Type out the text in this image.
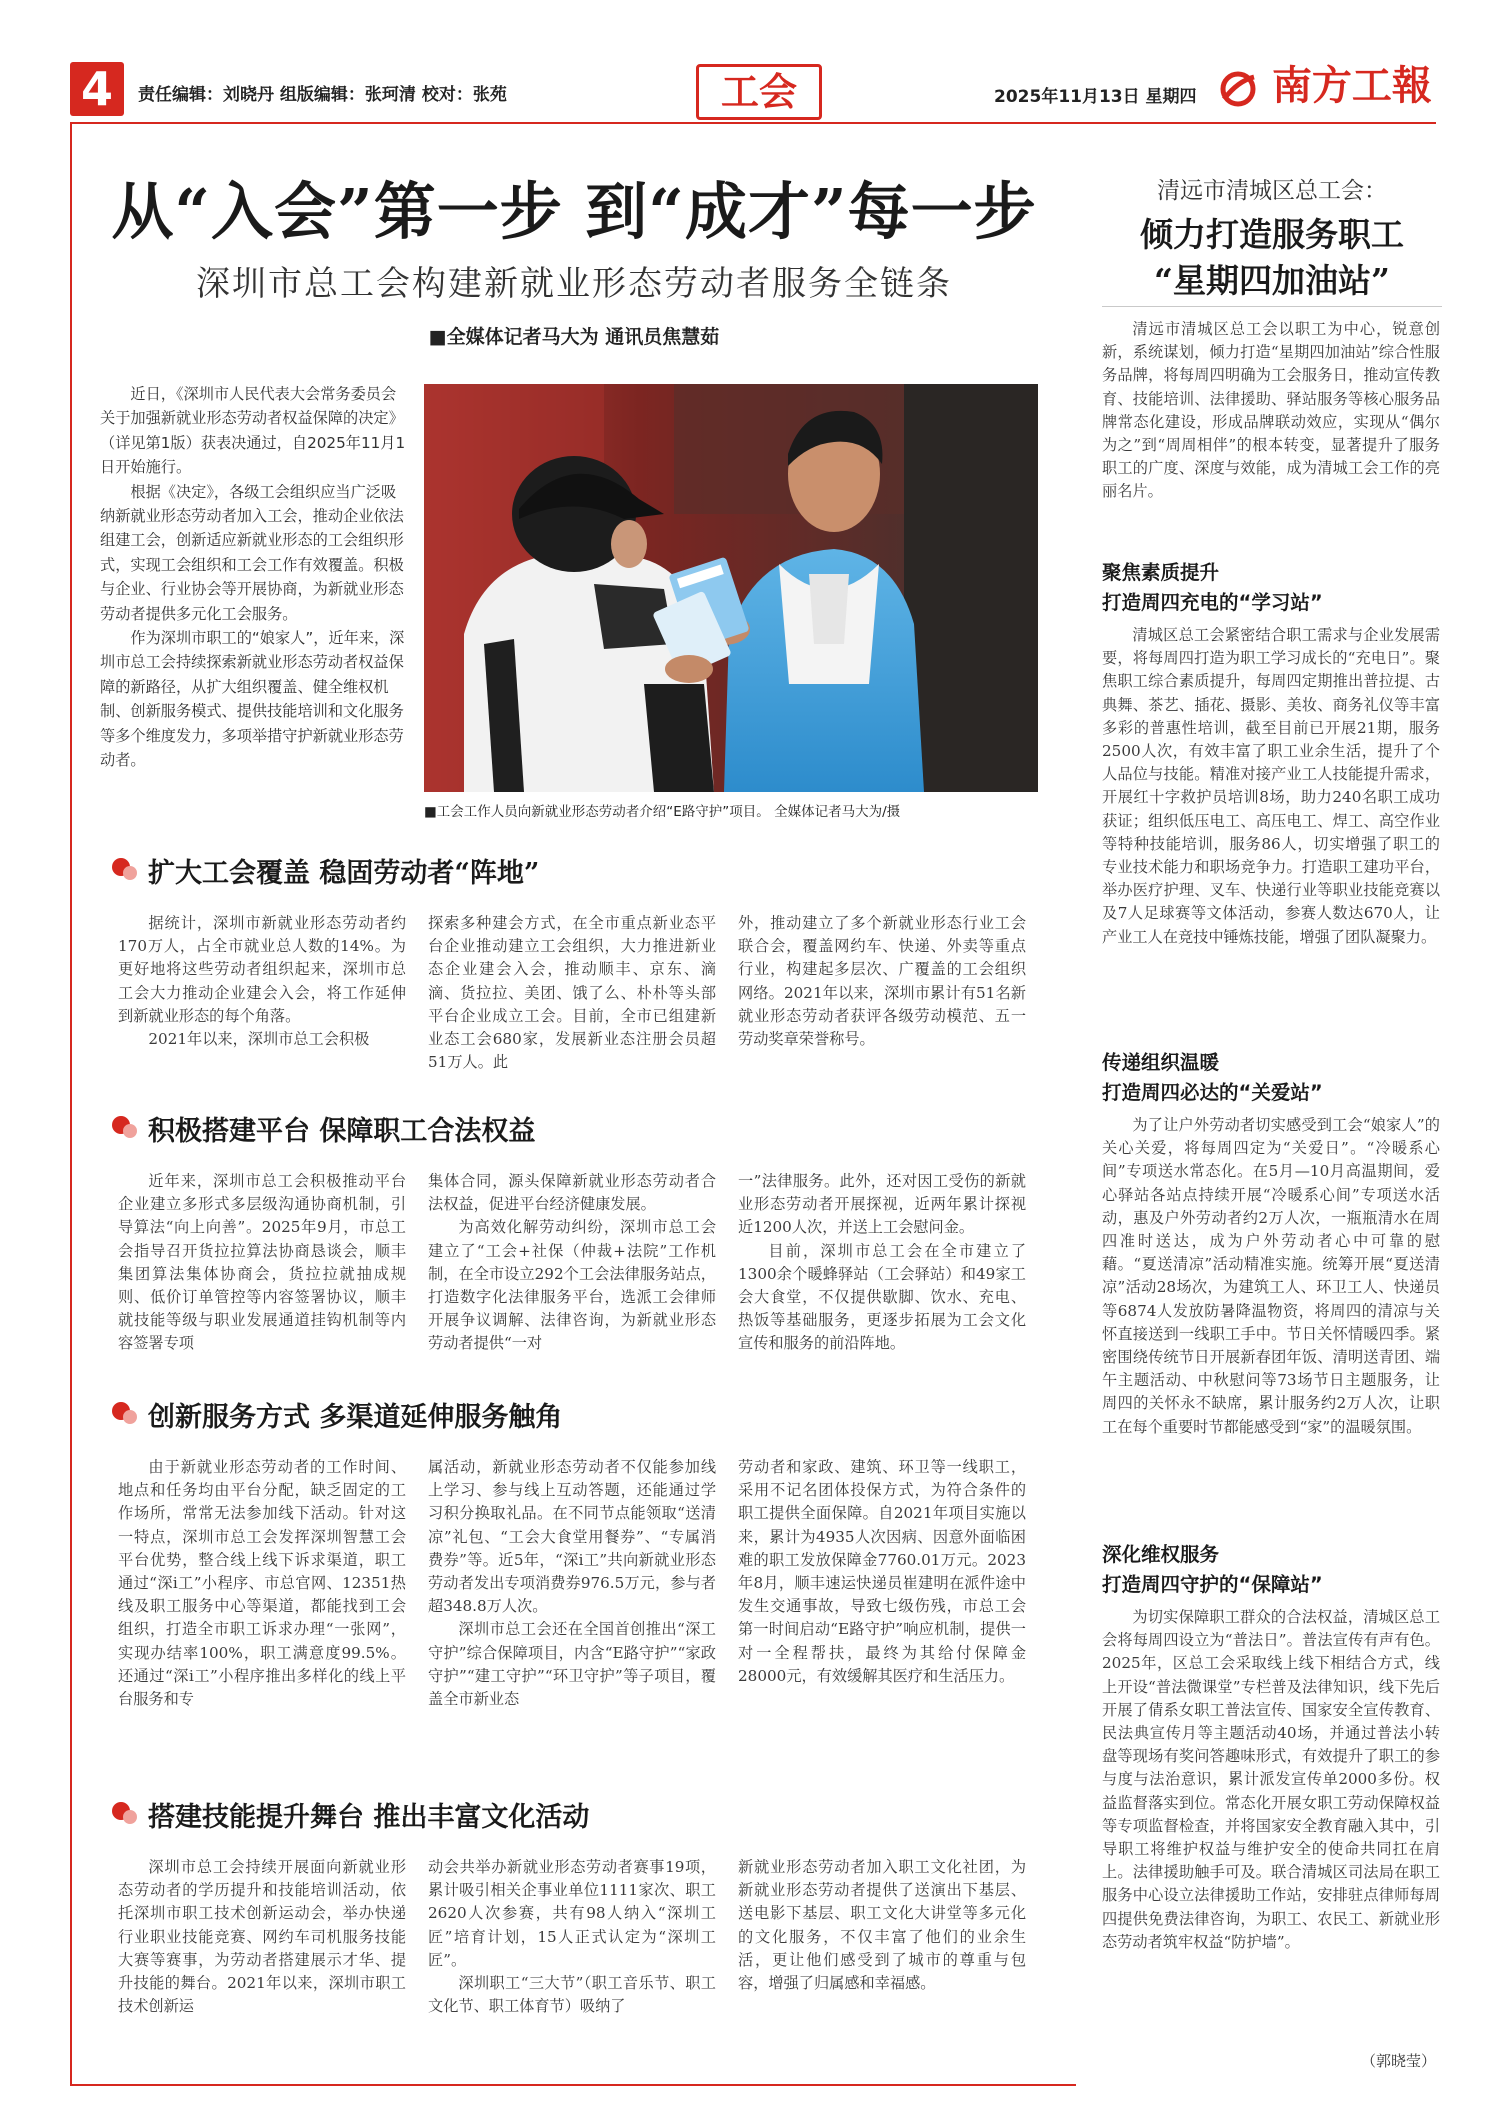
4	责任编辑：刘晓丹 组版编辑：张珂清 校对：张苑	工会	2025年11月13日 星期四	南方工報
从“入会”第一步 到“成才”每一步
深圳市总工会构建新就业形态劳动者服务全链条
■全媒体记者马大为 通讯员焦慧茹

近日，《深圳市人民代表大会常务委员会关于加强新就业形态劳动者权益保障的决定》（详见第1版）获表决通过，自2025年11月1日开始施行。

根据《决定》，各级工会组织应当广泛吸纳新就业形态劳动者加入工会，推动企业依法组建工会，创新适应新就业形态的工会组织形式，实现工会组织和工会工作有效覆盖。积极与企业、行业协会等开展协商，为新就业形态劳动者提供多元化工会服务。

作为深圳市职工的“娘家人”，近年来，深圳市总工会持续探索新就业形态劳动者权益保障的新路径，从扩大组织覆盖、健全维权机制、创新服务模式、提供技能培训和文化服务等多个维度发力，多项举措守护新就业形态劳动者。

■工会工作人员向新就业形态劳动者介绍“E路守护”项目。 全媒体记者马大为/摄
扩大工会覆盖 稳固劳动者“阵地”

据统计，深圳市新就业形态劳动者约170万人，占全市就业总人数的14%。为更好地将这些劳动者组织起来，深圳市总工会大力推动企业建会入会，将工作延伸到新就业形态的每个角落。

2021年以来，深圳市总工会积极

探索多种建会方式，在全市重点新业态平台企业推动建立工会组织，大力推进新业态企业建会入会，推动顺丰、京东、滴滴、货拉拉、美团、饿了么、朴朴等头部平台企业成立工会。目前，全市已组建新业态工会680家，发展新业态注册会员超51万人。此

外，推动建立了多个新就业形态行业工会联合会，覆盖网约车、快递、外卖等重点行业，构建起多层次、广覆盖的工会组织网络。2021年以来，深圳市累计有51名新就业形态劳动者获评各级劳动模范、五一劳动奖章荣誉称号。

积极搭建平台 保障职工合法权益

近年来，深圳市总工会积极推动平台企业建立多形式多层级沟通协商机制，引导算法“向上向善”。2025年9月，市总工会指导召开货拉拉算法协商恳谈会，顺丰集团算法集体协商会，货拉拉就抽成规则、低价订单管控等内容签署协议，顺丰就技能等级与职业发展通道挂钩机制等内容签署专项

集体合同，源头保障新就业形态劳动者合法权益，促进平台经济健康发展。

为高效化解劳动纠纷，深圳市总工会建立了“工会+社保（仲裁+法院”工作机制，在全市设立292个工会法律服务站点，打造数字化法律服务平台，选派工会律师开展争议调解、法律咨询，为新就业形态劳动者提供“一对

一”法律服务。此外，还对因工受伤的新就业形态劳动者开展探视，近两年累计探视近1200人次，并送上工会慰问金。

目前，深圳市总工会在全市建立了1300余个暖蜂驿站（工会驿站）和49家工会大食堂，不仅提供歇脚、饮水、充电、热饭等基础服务，更逐步拓展为工会文化宣传和服务的前沿阵地。

创新服务方式 多渠道延伸服务触角

由于新就业形态劳动者的工作时间、地点和任务均由平台分配，缺乏固定的工作场所，常常无法参加线下活动。针对这一特点，深圳市总工会发挥深圳智慧工会平台优势，整合线上线下诉求渠道，职工通过“深i工”小程序、市总官网、12351热线及职工服务中心等渠道，都能找到工会组织，打造全市职工诉求办理“一张网”，实现办结率100%，职工满意度99.5%。还通过“深i工”小程序推出多样化的线上平台服务和专

属活动，新就业形态劳动者不仅能参加线上学习、参与线上互动答题，还能通过学习积分换取礼品。在不同节点能领取“送清凉”礼包、“工会大食堂用餐券”、“专属消费券”等。近5年，“深i工”共向新就业形态劳动者发出专项消费券976.5万元，参与者超348.8万人次。

深圳市总工会还在全国首创推出“深工守护”综合保障项目，内含“E路守护”“家政守护”“建工守护”“环卫守护”等子项目，覆盖全市新业态

劳动者和家政、建筑、环卫等一线职工，采用不记名团体投保方式，为符合条件的职工提供全面保障。自2021年项目实施以来，累计为4935人次因病、因意外面临困难的职工发放保障金7760.01万元。2023年8月，顺丰速运快递员崔建明在派件途中发生交通事故，导致七级伤残，市总工会第一时间启动“E路守护”响应机制，提供一对一全程帮扶，最终为其给付保障金28000元，有效缓解其医疗和生活压力。

搭建技能提升舞台 推出丰富文化活动

深圳市总工会持续开展面向新就业形态劳动者的学历提升和技能培训活动，依托深圳市职工技术创新运动会，举办快递行业职业技能竞赛、网约车司机服务技能大赛等赛事，为劳动者搭建展示才华、提升技能的舞台。2021年以来，深圳市职工技术创新运

动会共举办新就业形态劳动者赛事19项，累计吸引相关企事业单位1111家次、职工2620人次参赛，共有98人纳入“深圳工匠”培育计划，15人正式认定为“深圳工匠”。

深圳职工“三大节”（职工音乐节、职工文化节、职工体育节）吸纳了

新就业形态劳动者加入职工文化社团，为新就业形态劳动者提供了送演出下基层、送电影下基层、职工文化大讲堂等多元化的文化服务，不仅丰富了他们的业余生活，更让他们感受到了城市的尊重与包容，增强了归属感和幸福感。

清远市清城区总工会：
倾力打造服务职工
“星期四加油站”

清远市清城区总工会以职工为中心，锐意创新，系统谋划，倾力打造“星期四加油站”综合性服务品牌，将每周四明确为工会服务日，推动宣传教育、技能培训、法律援助、驿站服务等核心服务品牌常态化建设，形成品牌联动效应，实现从“偶尔为之”到“周周相伴”的根本转变，显著提升了服务职工的广度、深度与效能，成为清城工会工作的亮丽名片。

聚焦素质提升
打造周四充电的“学习站”

清城区总工会紧密结合职工需求与企业发展需要，将每周四打造为职工学习成长的“充电日”。聚焦职工综合素质提升，每周四定期推出普拉提、古典舞、茶艺、插花、摄影、美妆、商务礼仪等丰富多彩的普惠性培训，截至目前已开展21期，服务2500人次，有效丰富了职工业余生活，提升了个人品位与技能。精准对接产业工人技能提升需求，开展红十字救护员培训8场，助力240名职工成功获证；组织低压电工、高压电工、焊工、高空作业等特种技能培训，服务86人，切实增强了职工的专业技术能力和职场竞争力。打造职工建功平台，举办医疗护理、叉车、快递行业等职业技能竞赛以及7人足球赛等文体活动，参赛人数达670人，让产业工人在竞技中锤炼技能，增强了团队凝聚力。

传递组织温暖
打造周四必达的“关爱站”

为了让户外劳动者切实感受到工会“娘家人”的关心关爱，将每周四定为“关爱日”。“冷暖系心间”专项送水常态化。在5月—10月高温期间，爱心驿站各站点持续开展“冷暖系心间”专项送水活动，惠及户外劳动者约2万人次，一瓶瓶清水在周四准时送达，成为户外劳动者心中可靠的慰藉。“夏送清凉”活动精准实施。统筹开展“夏送清凉”活动28场次，为建筑工人、环卫工人、快递员等6874人发放防暑降温物资，将周四的清凉与关怀直接送到一线职工手中。节日关怀情暖四季。紧密围绕传统节日开展新春团年饭、清明送青团、端午主题活动、中秋慰问等73场节日主题服务，让周四的关怀永不缺席，累计服务约2万人次，让职工在每个重要时节都能感受到“家”的温暖氛围。

深化维权服务
打造周四守护的“保障站”

为切实保障职工群众的合法权益，清城区总工会将每周四设立为“普法日”。普法宣传有声有色。2025年，区总工会采取线上线下相结合方式，线上开设“普法微课堂”专栏普及法律知识，线下先后开展了倩系女职工普法宣传、国家安全宣传教育、民法典宣传月等主题活动40场，并通过普法小转盘等现场有奖问答趣味形式，有效提升了职工的参与度与法治意识，累计派发宣传单2000多份。权益监督落实到位。常态化开展女职工劳动保障权益等专项监督检查，并将国家安全教育融入其中，引导职工将维护权益与维护安全的使命共同扛在肩上。法律援助触手可及。联合清城区司法局在职工服务中心设立法律援助工作站，安排驻点律师每周四提供免费法律咨询，为职工、农民工、新就业形态劳动者筑牢权益“防护墙”。

（郭晓莹）
